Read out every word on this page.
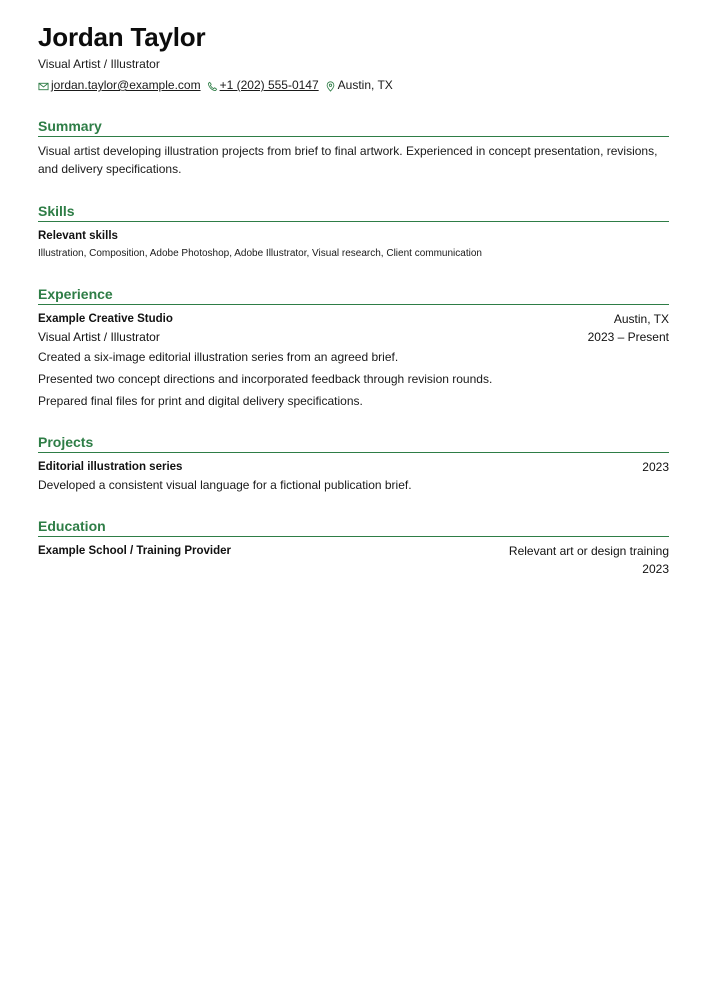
Jordan Taylor
Visual Artist / Illustrator
jordan.taylor@example.com +1 (202) 555-0147 Austin, TX
Summary
Visual artist developing illustration projects from brief to final artwork. Experienced in concept presentation, revisions, and delivery specifications.
Skills
Relevant skills
Illustration, Composition, Adobe Photoshop, Adobe Illustrator, Visual research, Client communication
Experience
Example Creative Studio	Austin, TX
Visual Artist / Illustrator	2023 – Present
Created a six-image editorial illustration series from an agreed brief.
Presented two concept directions and incorporated feedback through revision rounds.
Prepared final files for print and digital delivery specifications.
Projects
Editorial illustration series	2023
Developed a consistent visual language for a fictional publication brief.
Education
Example School / Training Provider	Relevant art or design training
2023
